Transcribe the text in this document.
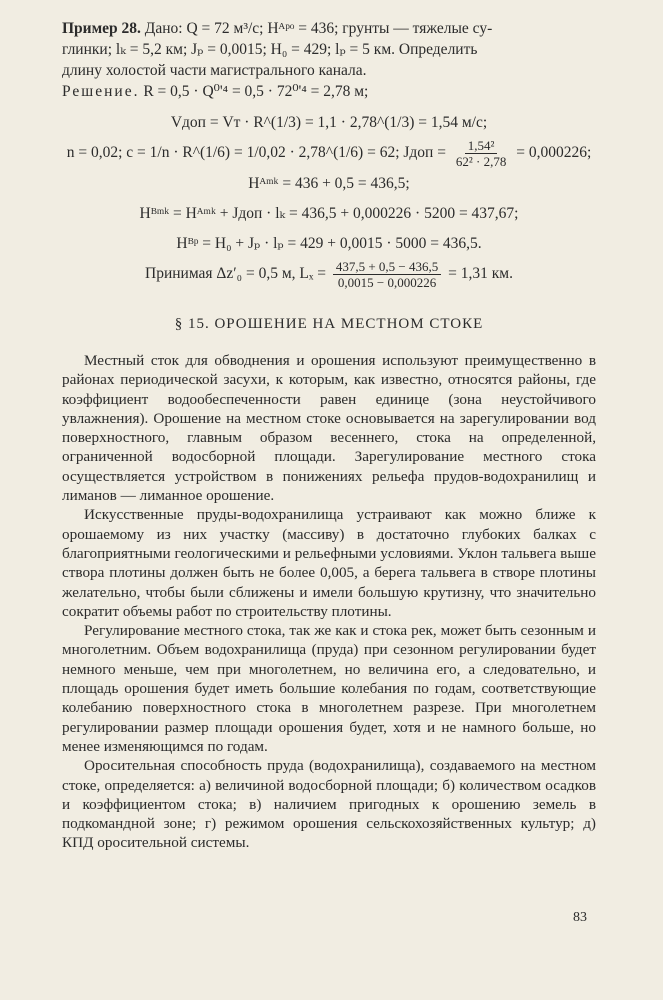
Пример 28. Дано: Q = 72 м³/с; Hᴬᵖᵒ = 436; грунты — тяжелые су-
глинки; lₖ = 5,2 км; Jₚ = 0,0015; H₀ = 429; lₚ = 5 км. Определить
длину холостой части магистрального канала.

Решение. R = 0,5 · Q⁰'⁴ = 0,5 · 72⁰'⁴ = 2,78 м;

Vдоп = Vт · R^(1/3) = 1,1 · 2,78^(1/3) = 1,54 м/с;

n = 0,02; c = 1/n · R^(1/6) = 1/0,02 · 2,78^(1/6) = 62; Jдоп = $\frac{\text{1,54²}}{\text{62² · 2,78}} = 0,000226$;

Hᴬᵐᵏ = 436 + 0,5 = 436,5;

Hᴮᵐᵏ = Hᴬᵐᵏ + Jдоп · lₖ = 436,5 + 0,000226 · 5200 = 437,67;

Hᴮᵖ = H₀ + Jₚ · lₚ = 429 + 0,0015 · 5000 = 436,5.

Принимая Δz′₀ = 0,5 м, $L_x = \frac{437,5 + 0,5 - 436,5}{0,0015 - 0,000226} = 1,31$ км.

§ 15. ОРОШЕНИЕ НА МЕСТНОМ СТОКЕ

Местный сток для обводнения и орошения используют преимущественно в районах периодической засухи, к которым, как известно, относятся районы, где коэффициент водообеспеченности равен единице (зона неустойчивого увлажнения). Орошение на местном стоке основывается на зарегулировании вод поверхностного, главным образом весеннего, стока на определенной, ограниченной водосборной площади. Зарегулирование местного стока осуществляется устройством в понижениях рельефа прудов-водохранилищ и лиманов — лиманное орошение.

Искусственные пруды-водохранилища устраивают как можно ближе к орошаемому из них участку (массиву) в достаточно глубоких балках с благоприятными геологическими и рельефными условиями. Уклон тальвега выше створа плотины должен быть не более 0,005, а берега тальвега в створе плотины желательно, чтобы были сближены и имели большую крутизну, что значительно сократит объемы работ по строительству плотины.

Регулирование местного стока, так же как и стока рек, может быть сезонным и многолетним. Объем водохранилища (пруда) при сезонном регулировании будет немного меньше, чем при многолетнем, но величина его, а следовательно, и площадь орошения будет иметь большие колебания по годам, соответствующие колебанию поверхностного стока в многолетнем разрезе. При многолетнем регулировании размер площади орошения будет, хотя и не намного больше, но менее изменяющимся по годам.

Оросительная способность пруда (водохранилища), создаваемого на местном стоке, определяется: а) величиной водосборной площади; б) количеством осадков и коэффициентом стока; в) наличием пригодных к орошению земель в подкомандной зоне; г) режимом орошения сельскохозяйственных культур; д) КПД оросительной системы.

83
